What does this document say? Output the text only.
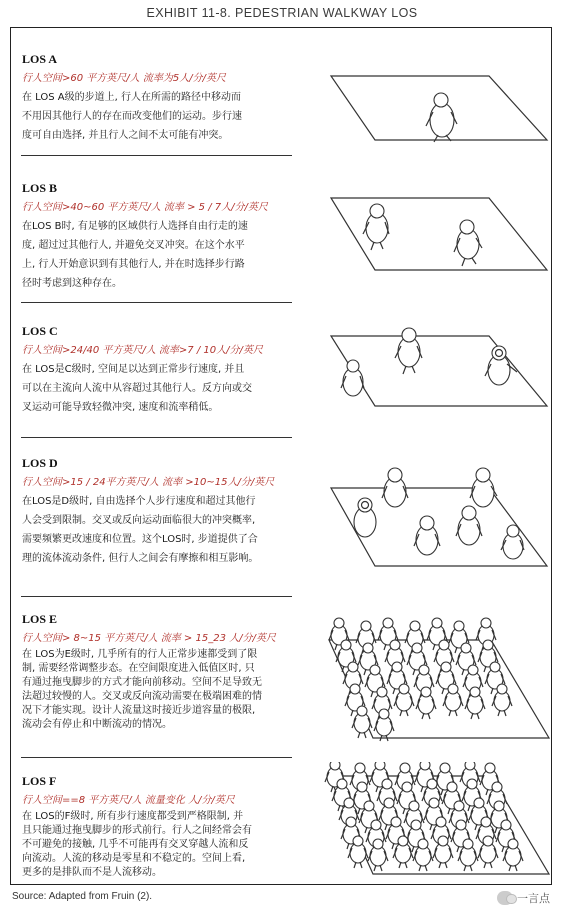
EXHIBIT 11-8. PEDESTRIAN WALKWAY LOS
LOS A
行人空间>60 平方英尺/人 流率为5人/分/英尺
在 LOS A级的步道上, 行人在所需的路径中移动而
不用因其他行人的存在而改变他们的运动。步行速
度可自由选择, 并且行人之间不太可能有冲突。
LOS B
行人空间>40~60 平方英尺/人 流率 > 5 / 7人/分/英尺
在LOS B时, 有足够的区域供行人选择自由行走的速
度, 超过过其他行人, 并避免交叉冲突。在这个水平
上, 行人开始意识到有其他行人, 并在时选择步行路
径时考虑到这种存在。
LOS C
行人空间>24/40 平方英尺/人 流率>7 / 10人/分/英尺
在 LOS是C级时, 空间足以达到正常步行速度, 并且
可以在主流向人流中从容超过其他行人。反方向或交
叉运动可能导致轻微冲突, 速度和流率稍低。
LOS D
行人空间>15 / 24平方英尺/人 流率 >10~15人/分/英尺
在LOS是D级时, 自由选择个人步行速度和超过其他行
人会受到限制。交叉或反向运动面临很大的冲突概率,
需要频繁更改速度和位置。这个LOS时, 步道提供了合
理的流体流动条件, 但行人之间会有摩擦和相互影响。
LOS E
行人空间> 8~15 平方英尺/人 流率 > 15_23 人/分/英尺
在 LOS为E级时, 几乎所有的行人正常步速都受到了限
制, 需要经常调整步态。在空间限度进入低值区时, 只
有通过拖曳脚步的方式才能向前移动。空间不足导致无
法超过较慢的人。交叉或反向流动需要在极端困难的情
况下才能实现。设计人流量这时接近步道容量的极限,
流动会有停止和中断流动的情况。
LOS F
行人空间==8 平方英尺/人 流量变化 人/分/英尺
在 LOS的F级时, 所有步行速度都受到严格限制, 并
且只能通过拖曳脚步的形式前行。行人之间经常会有
不可避免的接触, 几乎不可能再有交叉穿越人流和反
向流动。人流的移动是零星和不稳定的。空间上看,
更多的是排队而不是人流移动。
Source: Adapted from Fruin (2).	一言点
